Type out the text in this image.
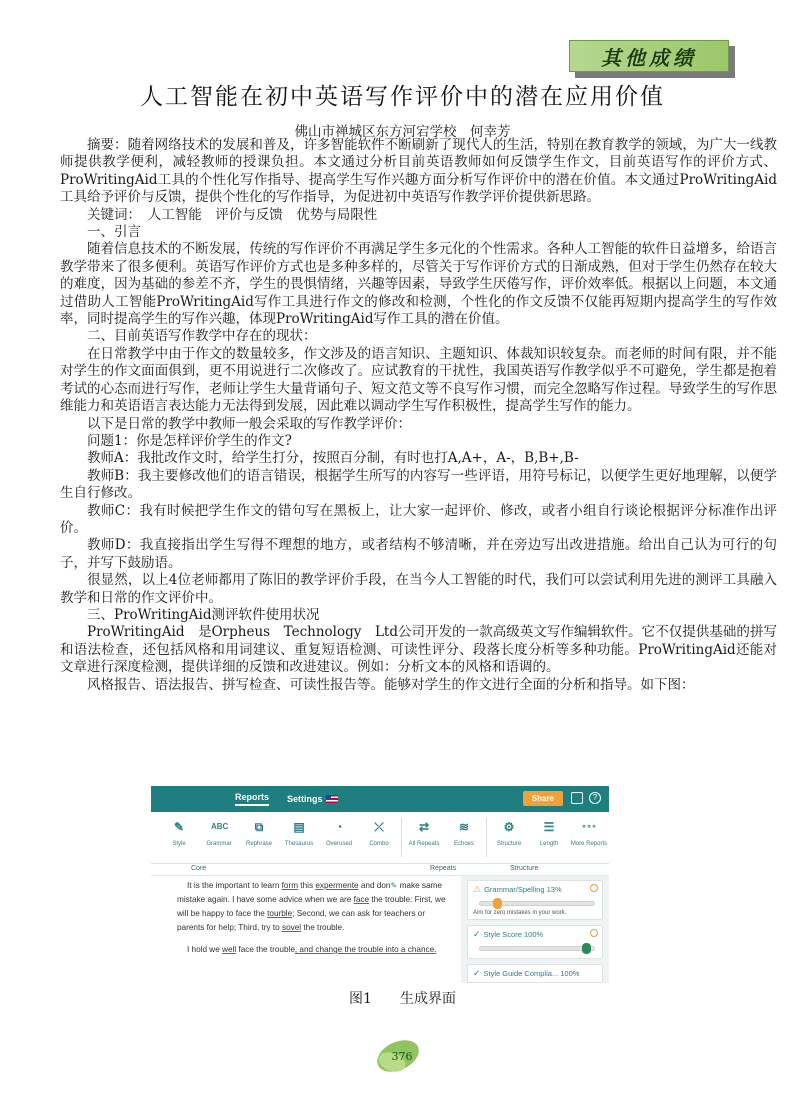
其他成绩
人工智能在初中英语写作评价中的潜在应用价值
佛山市禅城区东方河宕学校　何幸芳

摘要：随着网络技术的发展和普及，许多智能软件不断刷新了现代人的生活，特别在教育教学的领域，为广大一线教师提供教学便利，减轻教师的授课负担。本文通过分析目前英语教师如何反馈学生作文，目前英语写作的评价方式、ProWritingAid工具的个性化写作指导、提高学生写作兴趣方面分析写作评价中的潜在价值。本文通过ProWritingAid工具给予评价与反馈，提供个性化的写作指导，为促进初中英语写作教学评价提供新思路。

关键词：　人工智能　评价与反馈　优势与局限性

一、引言

随着信息技术的不断发展，传统的写作评价不再满足学生多元化的个性需求。各种人工智能的软件日益增多，给语言教学带来了很多便利。英语写作评价方式也是多种多样的，尽管关于写作评价方式的日渐成熟，但对于学生仍然存在较大的难度，因为基础的参差不齐，学生的畏惧情绪，兴趣等因素，导致学生厌倦写作，评价效率低。根据以上问题，本文通过借助人工智能ProWritingAid写作工具进行作文的修改和检测，个性化的作文反馈不仅能再短期内提高学生的写作效率，同时提高学生的写作兴趣，体现ProWritingAid写作工具的潜在价值。

二、目前英语写作教学中存在的现状：

在日常教学中由于作文的数量较多，作文涉及的语言知识、主题知识、体裁知识较复杂。而老师的时间有限，并不能对学生的作文面面俱到，更不用说进行二次修改了。应试教育的干扰性，我国英语写作教学似乎不可避免，学生都是抱着考试的心态而进行写作，老师让学生大量背诵句子、短文范文等不良写作习惯，而完全忽略写作过程。导致学生的写作思维能力和英语语言表达能力无法得到发展，因此难以调动学生写作积极性，提高学生写作的能力。

以下是日常的教学中教师一般会采取的写作教学评价：

问题1：你是怎样评价学生的作文?

教师A：我批改作文时，给学生打分，按照百分制，有时也打A,A+，A-，B,B+,B-

教师B：我主要修改他们的语言错误，根据学生所写的内容写一些评语，用符号标记，以便学生更好地理解，以便学生自行修改。

教师C：我有时候把学生作文的错句写在黑板上，让大家一起评价、修改，或者小组自行谈论根据评分标准作出评价。

教师D：我直接指出学生写得不理想的地方，或者结构不够清晰，并在旁边写出改进措施。给出自己认为可行的句子，并写下鼓励语。

很显然，以上4位老师都用了陈旧的教学评价手段，在当今人工智能的时代，我们可以尝试利用先进的测评工具融入教学和日常的作文评价中。

三、ProWritingAid测评软件使用状况

ProWritingAid　是Orpheus　Technology　Ltd公司开发的一款高级英文写作编辑软件。它不仅提供基础的拼写和语法检查，还包括风格和用词建议、重复短语检测、可读性评分、段落长度分析等多种功能。ProWritingAid还能对文章进行深度检测，提供详细的反馈和改进建议。例如：分析文本的风格和语调的。

风格报告、语法报告、拼写检查、可读性报告等。能够对学生的作文进行全面的分析和指导。如下图：

Reports Settings	Share	?
✎
Style
ABC
Grammar
⧉
Rephrase
▤
Thesaurus
◔
Overused
⤫
Combo
⇄
All Repeats
≋
Echoes
⚙
Structure
☰
Length
∘∘∘
More Reports
Core	Repeats	Structure
It is the important to learn form this expermente and don✎ make same mistake again. I have some advice when we are face the trouble: First, we will be happy to face the tourble; Second, we can ask for teachers or parents for help; Third, try to sovel the trouble.
I hold we well face the trouble, and change the trouble into a chance.
⚠ Grammar/Spelling 13%
Aim for zero mistakes in your work.
✓ Style Score 100%
✓ Style Guide Complia... 100%
图1　　生成界面
376
